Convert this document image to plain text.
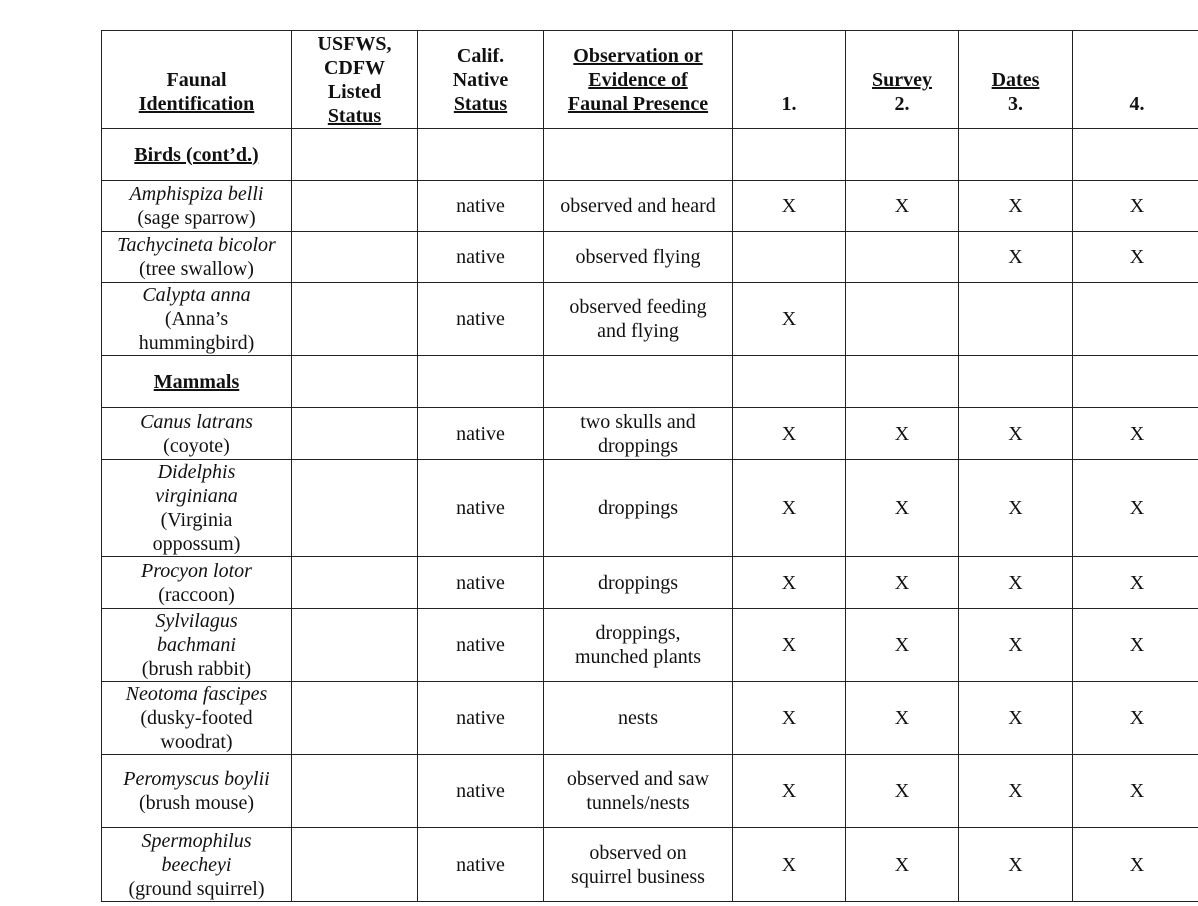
Faunal
Identification	USFWS,
CDFW
Listed
Status	Calif.
Native
Status	Observation or
Evidence of
Faunal Presence	1.	Survey
2.	Dates
3.	4.

Birds (cont’d.)							

Amphispiza belli
(sage sparrow)		native	observed and heard	X	X	X	X

Tachycineta bicolor
(tree swallow)		native	observed flying			X	X

Calypta anna
(Anna’s
hummingbird)		native	observed feeding
and flying	X			
Mammals							

Canus latrans
(coyote)		native	two skulls and
droppings	X	X	X	X

Didelphis
virginiana
(Virginia
oppossum)		native	droppings	X	X	X	X

Procyon lotor
(raccoon)		native	droppings	X	X	X	X

Sylvilagus
bachmani
(brush rabbit)		native	droppings,
munched plants	X	X	X	X

Neotoma fascipes
(dusky-footed
woodrat)		native	nests	X	X	X	X

Peromyscus boylii
(brush mouse)		native	observed and saw
tunnels/nests	X	X	X	X

Spermophilus
beecheyi
(ground squirrel)		native	observed on
squirrel business	X	X	X	X
